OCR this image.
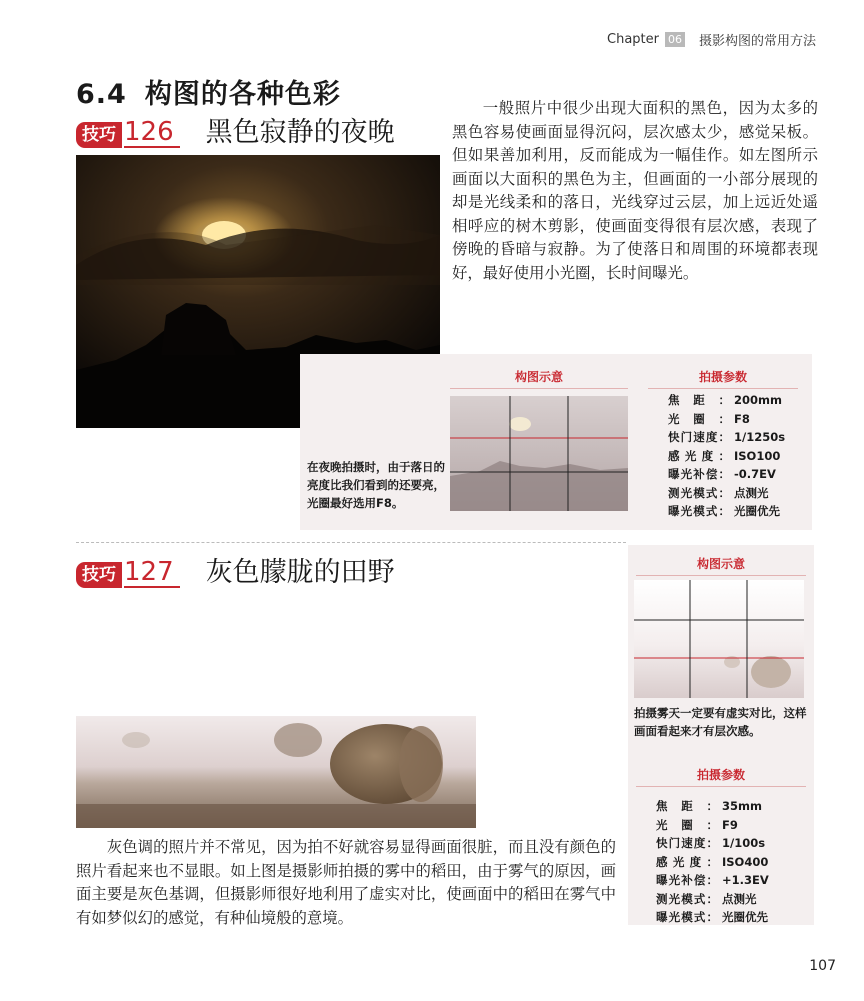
Chapter 06 摄影构图的常用方法
6.4 构图的各种色彩
技巧 126 黑色寂静的夜晚
一般照片中很少出现大面积的黑色，因为太多的黑色容易使画面显得沉闷，层次感太少，感觉呆板。但如果善加利用，反而能成为一幅佳作。如左图所示画面以大面积的黑色为主，但画面的一小部分展现的却是光线柔和的落日，光线穿过云层，加上远近处遥相呼应的树木剪影，使画面变得很有层次感，表现了傍晚的昏暗与寂静。为了使落日和周围的环境都表现好，最好使用小光圈，长时间曝光。
在夜晚拍摄时，由于落日的亮度比我们看到的还要亮，光圈最好选用F8。
构图示意	拍摄参数
焦距： 200mm
光圈： F8
快门速度： 1/1250s
感光度： ISO100
曝光补偿： -0.7EV
测光模式： 点测光
曝光模式： 光圈优先
技巧 127 灰色朦胧的田野	构图示意
拍摄雾天一定要有虚实对比，这样画面看起来才有层次感。
拍摄参数
焦距： 35mm
光圈： F9
快门速度： 1/100s
感光度： ISO400
曝光补偿： +1.3EV
测光模式： 点测光
曝光模式： 光圈优先
灰色调的照片并不常见，因为拍不好就容易显得画面很脏，而且没有颜色的照片看起来也不显眼。如上图是摄影师拍摄的雾中的稻田，由于雾气的原因，画面主要是灰色基调，但摄影师很好地利用了虚实对比，使画面中的稻田在雾气中有如梦似幻的感觉，有种仙境般的意境。
107
